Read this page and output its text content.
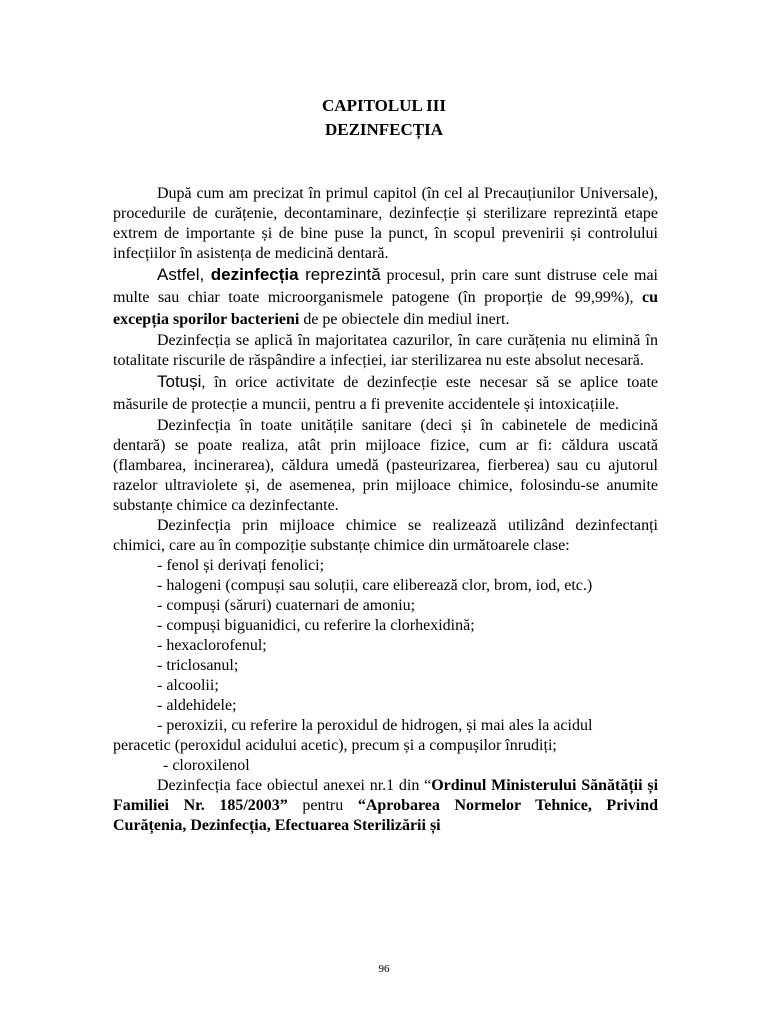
CAPITOLUL III
DEZINFECȚIA

După cum am precizat în primul capitol (în cel al Precauțiunilor Universale), procedurile de curățenie, decontaminare, dezinfecție și sterilizare reprezintă etape extrem de importante și de bine puse la punct, în scopul prevenirii și controlului infecțiilor în asistența de medicină dentară.

Astfel, dezinfecția reprezintă procesul, prin care sunt distruse cele mai multe sau chiar toate microorganismele patogene (în proporție de 99,99%), cu excepția sporilor bacterieni de pe obiectele din mediul inert.

Dezinfecția se aplică în majoritatea cazurilor, în care curățenia nu elimină în totalitate riscurile de răspândire a infecției, iar sterilizarea nu este absolut necesară.

Totuși, în orice activitate de dezinfecție este necesar să se aplice toate măsurile de protecție a muncii, pentru a fi prevenite accidentele și intoxicațiile.

Dezinfecția în toate unitățile sanitare (deci și în cabinetele de medicină dentară) se poate realiza, atât prin mijloace fizice, cum ar fi: căldura uscată (flambarea, incinerarea), căldura umedă (pasteurizarea, fierberea) sau cu ajutorul razelor ultraviolete și, de asemenea, prin mijloace chimice, folosindu-se anumite substanțe chimice ca dezinfectante.

Dezinfecția prin mijloace chimice se realizează utilizând dezinfectanți chimici, care au în compoziție substanțe chimice din următoarele clase:

- fenol și derivați fenolici;

- halogeni (compuși sau soluții, care eliberează clor, brom, iod, etc.)

- compuși (săruri) cuaternari de amoniu;

- compuși biguanidici, cu referire la clorhexidină;

- hexaclorofenul;

- triclosanul;

- alcoolii;

- aldehidele;

- peroxizii, cu referire la peroxidul de hidrogen, și mai ales la acidul

peracetic (peroxidul acidului acetic), precum și a compușilor înrudiți;

- cloroxilenol

Dezinfecția face obiectul anexei nr.1 din “Ordinul Ministerului Sănătății și Familiei Nr. 185/2003” pentru “Aprobarea Normelor Tehnice, Privind Curățenia, Dezinfecția, Efectuarea Sterilizării și

96
